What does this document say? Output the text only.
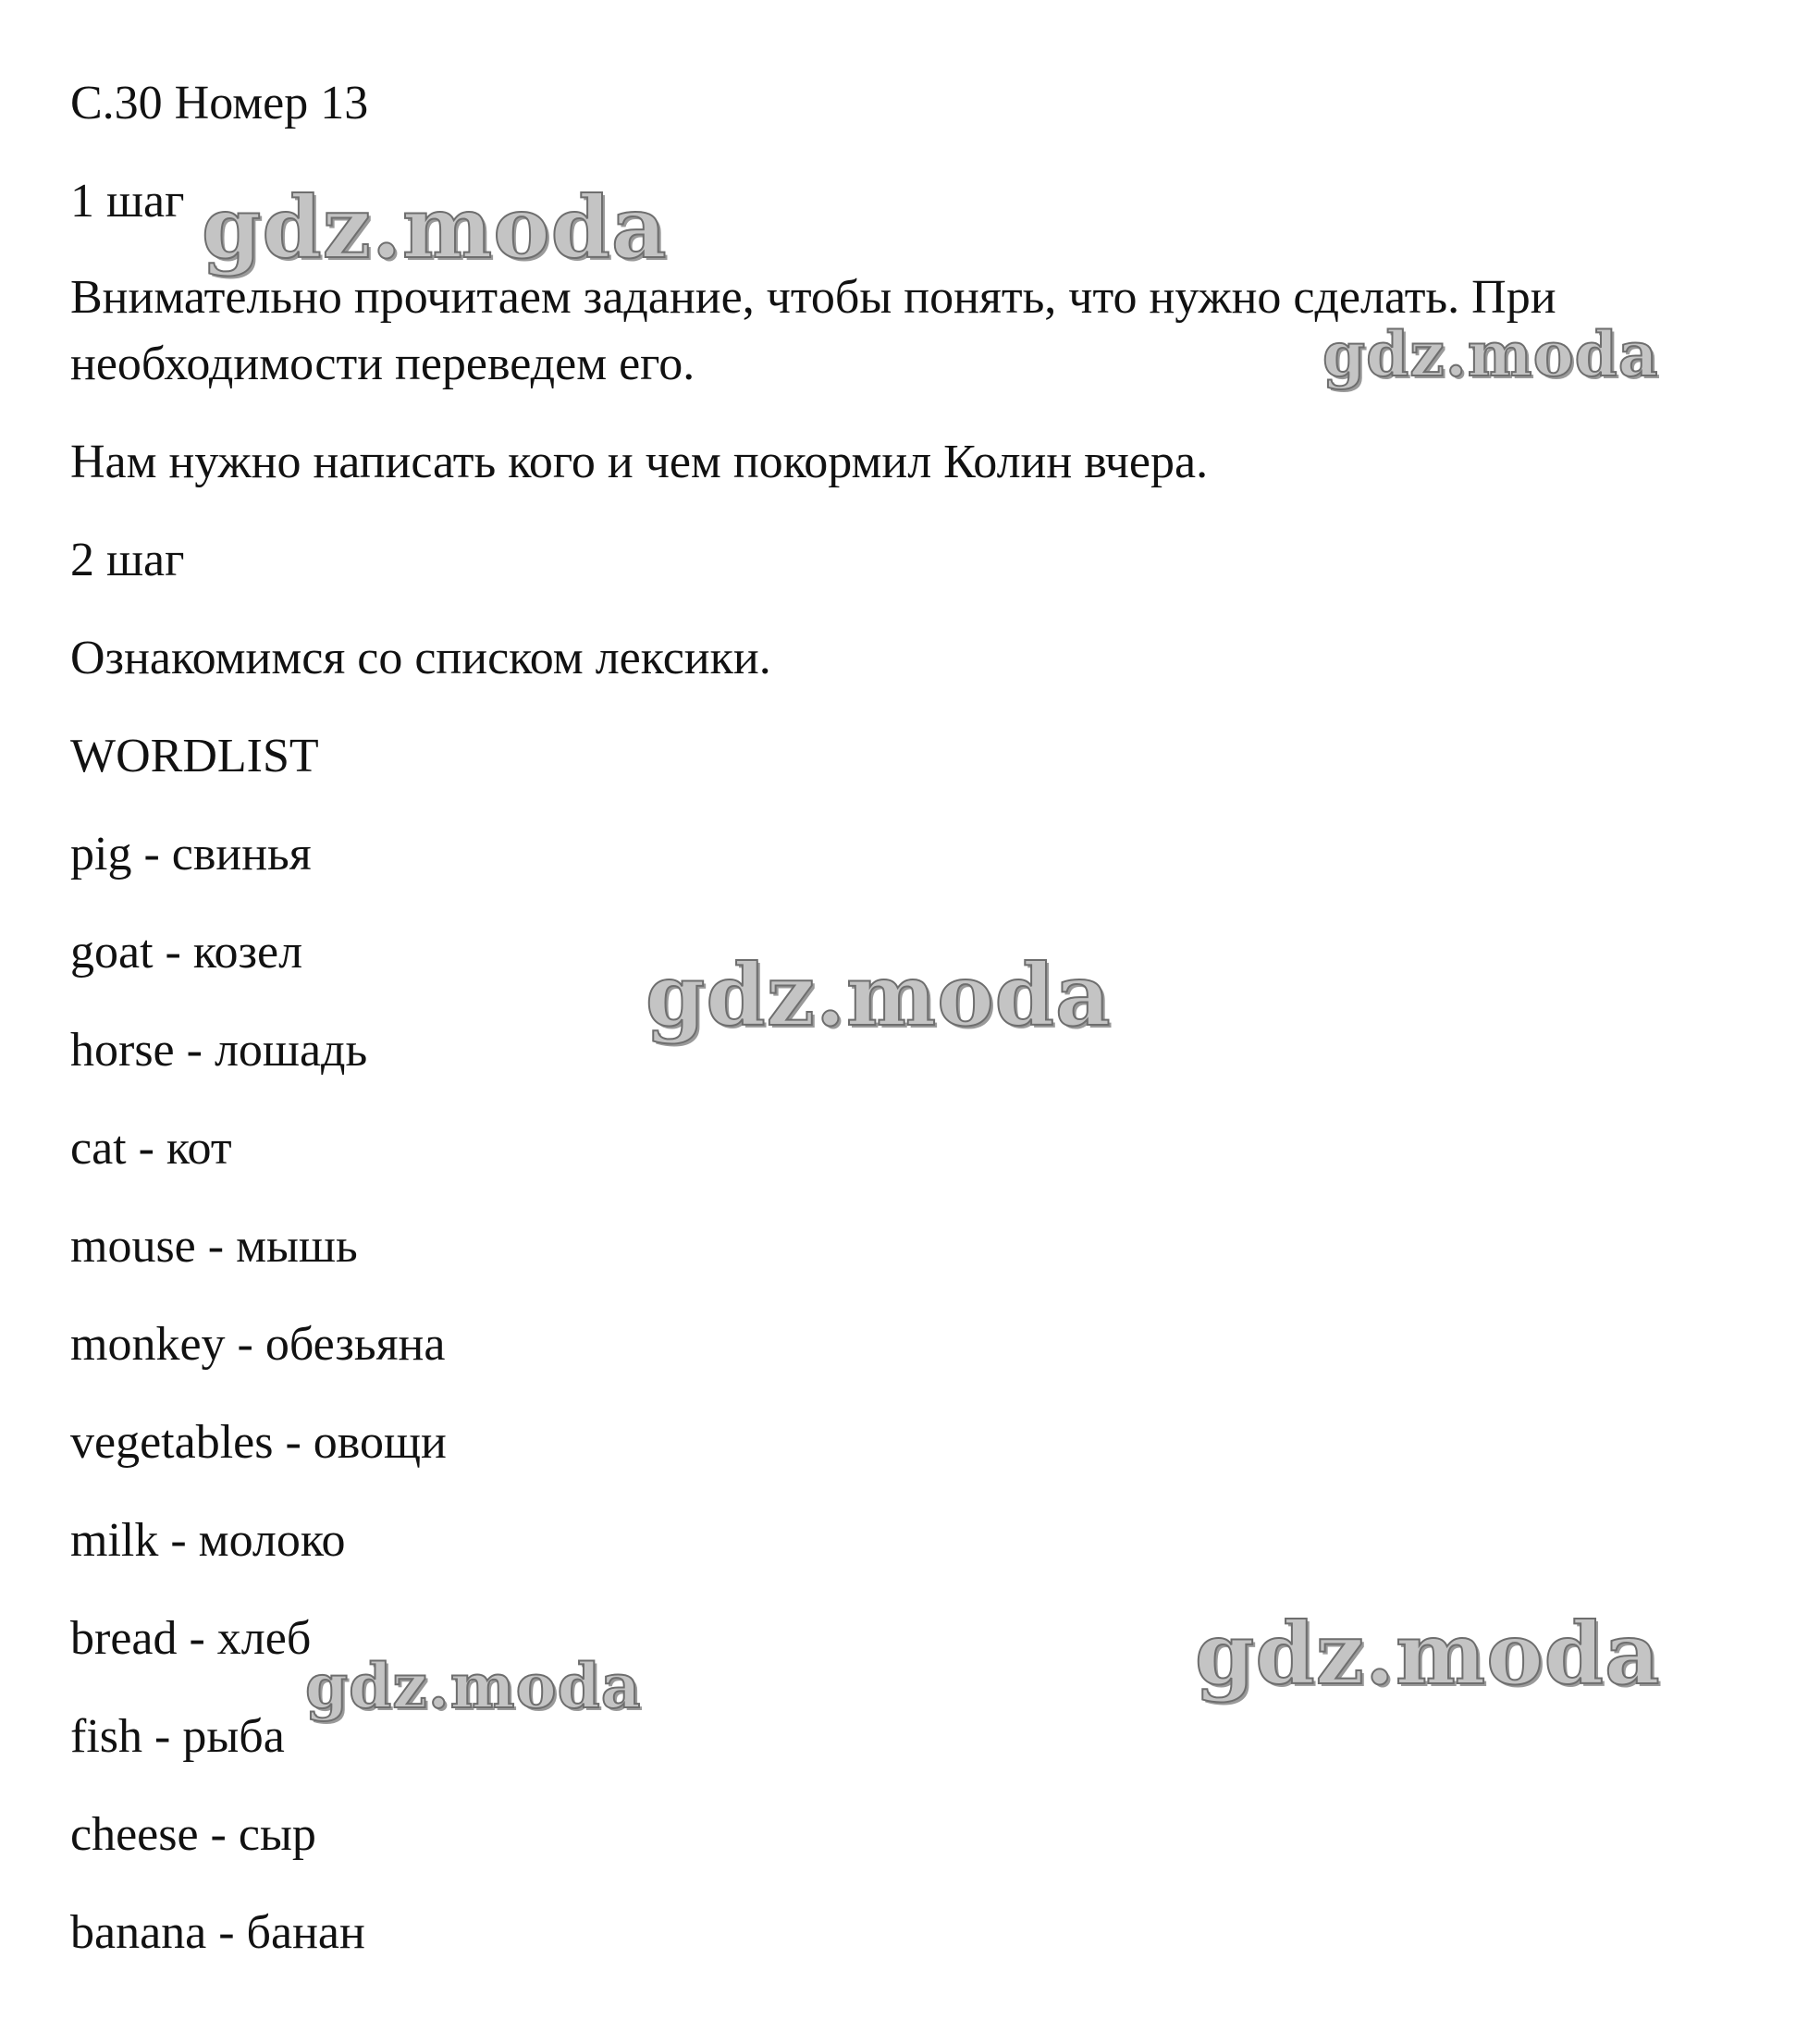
С.30 Номер 13
1 шаг
Внимательно прочитаем задание, чтобы понять, что нужно сделать. При
необходимости переведем его.
Нам нужно написать кого и чем покормил Колин вчера.
2 шаг
Ознакомимся со списком лексики.
WORDLIST
pig - свинья
goat - козел
horse - лошадь
cat - кот
mouse - мышь
monkey - обезьяна
vegetables - овощи
milk - молоко
bread - хлеб
fish - рыба
cheese - сыр
banana - банан
gdz.moda
gdz.moda
gdz.moda
gdz.moda	gdz.moda
